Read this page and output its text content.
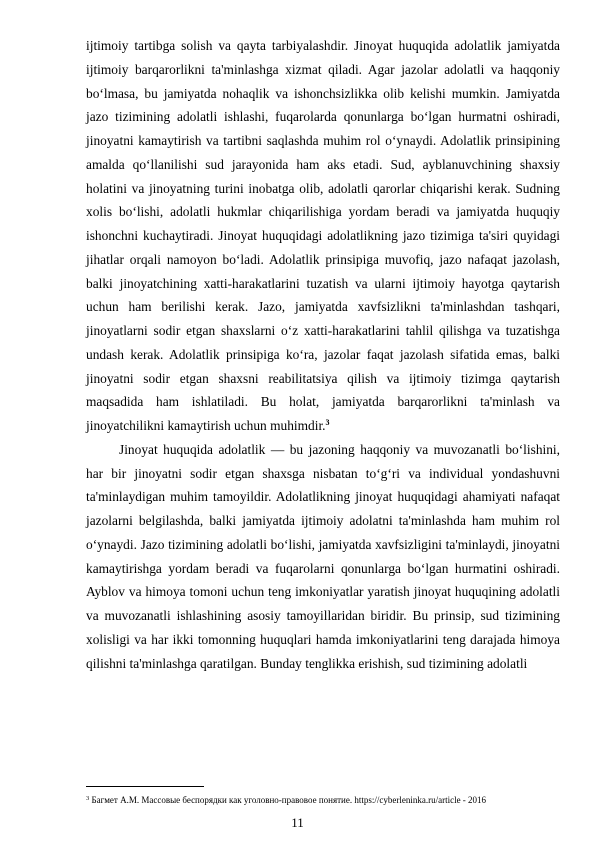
ijtimoiy tartibga solish va qayta tarbiyalashdir. Jinoyat huquqida adolatlik jamiyatda ijtimoiy barqarorlikni ta'minlashga xizmat qiladi. Agar jazolar adolatli va haqqoniy bo‘lmasa, bu jamiyatda nohaqlik va ishonchsizlikka olib kelishi mumkin. Jamiyatda jazo tizimining adolatli ishlashi, fuqarolarda qonunlarga bo‘lgan hurmatni oshiradi, jinoyatni kamaytirish va tartibni saqlashda muhim rol o‘ynaydi. Adolatlik prinsipining amalda qo‘llanilishi sud jarayonida ham aks etadi. Sud, ayblanuvchining shaxsiy holatini va jinoyatning turini inobatga olib, adolatli qarorlar chiqarishi kerak. Sudning xolis bo‘lishi, adolatli hukmlar chiqarilishiga yordam beradi va jamiyatda huquqiy ishonchni kuchaytiradi. Jinoyat huquqidagi adolatlikning jazo tizimiga ta'siri quyidagi jihatlar orqali namoyon bo‘ladi. Adolatlik prinsipiga muvofiq, jazo nafaqat jazolash, balki jinoyatchining xatti-harakatlarini tuzatish va ularni ijtimoiy hayotga qaytarish uchun ham berilishi kerak. Jazo, jamiyatda xavfsizlikni ta'minlashdan tashqari, jinoyatlarni sodir etgan shaxslarni o‘z xatti-harakatlarini tahlil qilishga va tuzatishga undash kerak. Adolatlik prinsipiga ko‘ra, jazolar faqat jazolash sifatida emas, balki jinoyatni sodir etgan shaxsni reabilitatsiya qilish va ijtimoiy tizimga qaytarish maqsadida ham ishlatiladi. Bu holat, jamiyatda barqarorlikni ta'minlash va jinoyatchilikni kamaytirish uchun muhimdir.$^3$

Jinoyat huquqida adolatlik — bu jazoning haqqoniy va muvozanatli bo‘lishini, har bir jinoyatni sodir etgan shaxsga nisbatan to‘g‘ri va individual yondashuvni ta'minlaydigan muhim tamoyildir. Adolatlikning jinoyat huquqidagi ahamiyati nafaqat jazolarni belgilashda, balki jamiyatda ijtimoiy adolatni ta'minlashda ham muhim rol o‘ynaydi. Jazo tizimining adolatli bo‘lishi, jamiyatda xavfsizligini ta'minlaydi, jinoyatni kamaytirishga yordam beradi va fuqarolarni qonunlarga bo‘lgan hurmatini oshiradi. Ayblov va himoya tomoni uchun teng imkoniyatlar yaratish jinoyat huquqining adolatli va muvozanatli ishlashining asosiy tamoyillaridan biridir. Bu prinsip, sud tizimining xolisligi va har ikki tomonning huquqlari hamda imkoniyatlarini teng darajada himoya qilishni ta'minlashga qaratilgan. Bunday tenglikka erishish, sud tizimining adolatli

$^3$ Багмет А.М. Массовые беспорядки как уголовно-правовое понятие. https://cyberleninka.ru/article - 2016
11
